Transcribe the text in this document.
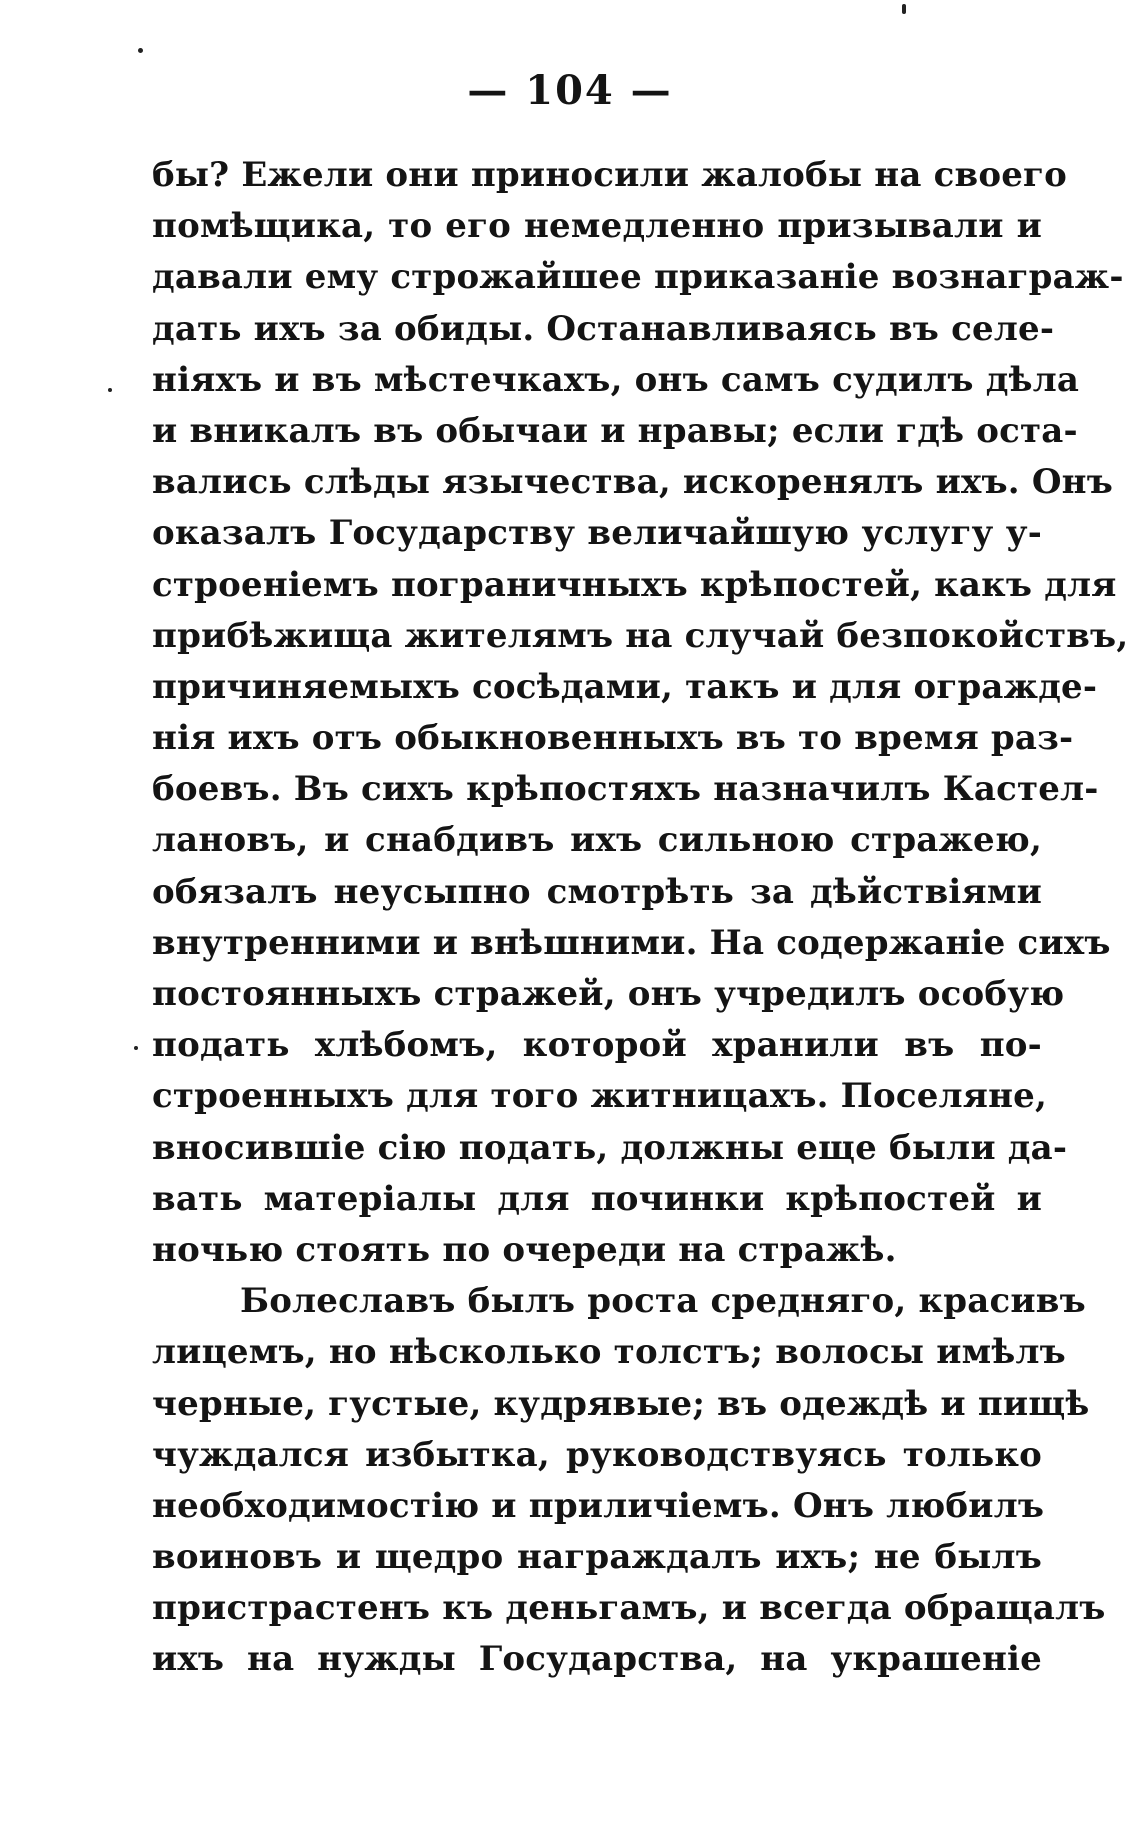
— 104 —
бы? Ежели они приносили жалобы на своего
помѣщика, то его немедленно призывали и
давали ему строжайшее приказаніе вознаграж-
дать ихъ за обиды. Останавливаясь въ селе-
ніяхъ и въ мѣстечкахъ, онъ самъ судилъ дѣла
и вникалъ въ обычаи и нравы; если гдѣ оста-
вались слѣды язычества, искоренялъ ихъ. Онъ
оказалъ Государству величайшую услугу у-
строеніемъ пограничныхъ крѣпостей, какъ для
прибѣжища жителямъ на случай безпокойствъ,
причиняемыхъ сосѣдами, такъ и для огражде-
нія ихъ отъ обыкновенныхъ въ то время раз-
боевъ. Въ сихъ крѣпостяхъ назначилъ Кастел-
лановъ, и снабдивъ ихъ сильною стражею,
обязалъ неусыпно смотрѣть за дѣйствіями
внутренними и внѣшними. На содержаніе сихъ
постоянныхъ стражей, онъ учредилъ особую
подать хлѣбомъ, которой хранили въ по-
строенныхъ для того житницахъ. Поселяне,
вносившіе сію подать, должны еще были да-
вать матеріалы для починки крѣпостей и
ночью стоять по очереди на стражѣ.
Болеславъ былъ роста средняго, красивъ
лицемъ, но нѣсколько толстъ; волосы имѣлъ
черные, густые, кудрявые; въ одеждѣ и пищѣ
чуждался избытка, руководствуясь только
необходимостію и приличіемъ. Онъ любилъ
воиновъ и щедро награждалъ ихъ; не былъ
пристрастенъ къ деньгамъ, и всегда обращалъ
ихъ на нужды Государства, на украшеніе
